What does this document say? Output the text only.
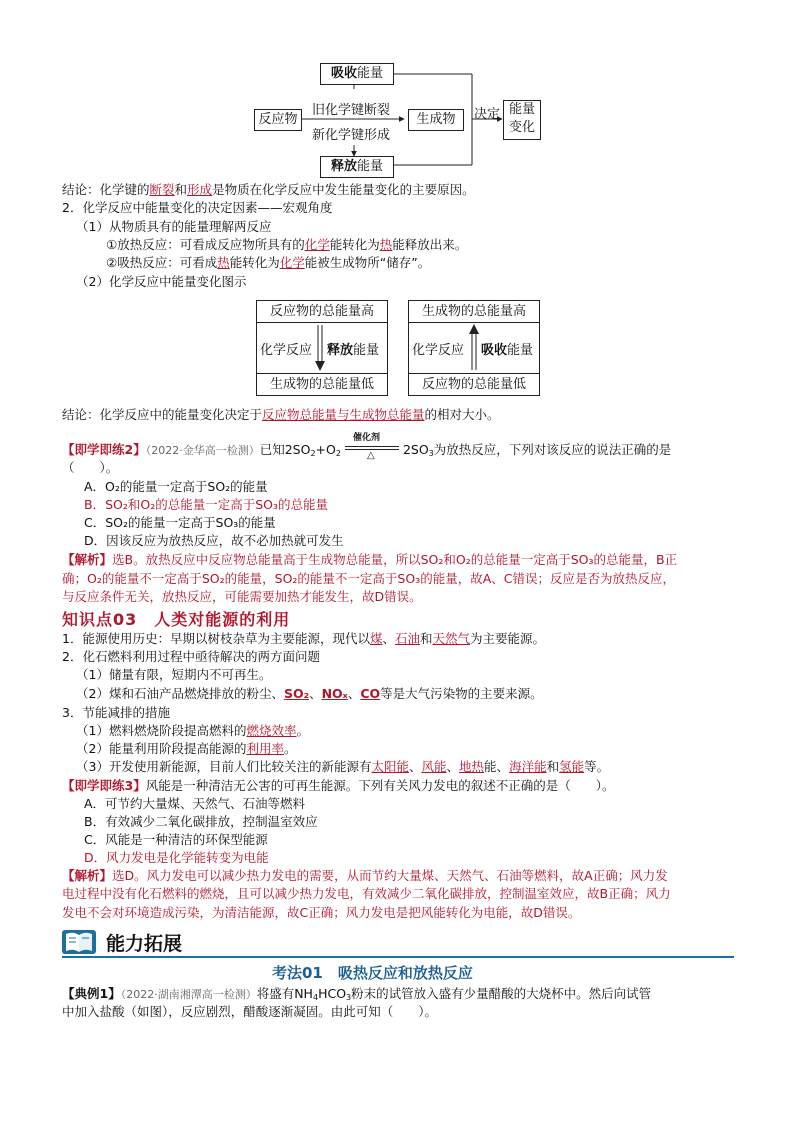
吸收能量
反应物
旧化学键断裂
新化学键形成
生成物	决定 能量变化
释放能量
结论：化学键的断裂和形成是物质在化学反应中发生能量变化的主要原因。
2．化学反应中能量变化的决定因素——宏观角度
（1）从物质具有的能量理解两反应
①放热反应：可看成反应物所具有的化学能转化为热能释放出来。
②吸热反应：可看成热能转化为化学能被生成物所“储存”。
（2）化学反应中能量变化图示
反应物的总能量高
生成物的总能量低
化学反应 释放能量
生成物的总能量高
反应物的总能量低
化学反应 吸收能量
结论：化学反应中的能量变化决定于反应物总能量与生成物总能量的相对大小。
【即学即练2】（2022·金华高一检测）已知$2SO_2+O_2$
催化剂
△ $2SO_3$为放热反应，下列对该反应的说法正确的是
（　　）。
A．O₂的能量一定高于SO₂的能量
B．SO₂和O₂的总能量一定高于SO₃的总能量
C．SO₂的能量一定高于SO₃的能量
D．因该反应为放热反应，故不必加热就可发生
【解析】选B。放热反应中反应物总能量高于生成物总能量，所以SO₂和O₂的总能量一定高于SO₃的总能量，B正
确；O₂的能量不一定高于SO₂的能量，SO₂的能量不一定高于SO₃的能量，故A、C错误；反应是否为放热反应，
与反应条件无关，放热反应，可能需要加热才能发生，故D错误。
知识点03　人类对能源的利用
1．能源使用历史：早期以树枝杂草为主要能源，现代以煤、石油和天然气为主要能源。
2．化石燃料利用过程中亟待解决的两方面问题
（1）储量有限，短期内不可再生。
（2）煤和石油产品燃烧排放的粉尘、SO₂、NOₓ、CO等是大气污染物的主要来源。
3．节能减排的措施
（1）燃料燃烧阶段提高燃料的燃烧效率。
（2）能量利用阶段提高能源的利用率。
（3）开发使用新能源，目前人们比较关注的新能源有太阳能、风能、地热能、海洋能和氢能等。
【即学即练3】风能是一种清洁无公害的可再生能源。下列有关风力发电的叙述不正确的是（　　）。
A．可节约大量煤、天然气、石油等燃料
B．有效减少二氧化碳排放，控制温室效应
C．风能是一种清洁的环保型能源
D．风力发电是化学能转变为电能
【解析】选D。风力发电可以减少热力发电的需要，从而节约大量煤、天然气、石油等燃料，故A正确；风力发
电过程中没有化石燃料的燃烧，且可以减少热力发电，有效减少二氧化碳排放，控制温室效应，故B正确；风力
发电不会对环境造成污染，为清洁能源，故C正确；风力发电是把风能转化为电能，故D错误。
能力拓展
考法01　吸热反应和放热反应
【典例1】（2022·湖南湘潭高一检测）将盛有$NH_4HCO_3$粉末的试管放入盛有少量醋酸的大烧杯中。然后向试管
中加入盐酸（如图），反应剧烈，醋酸逐渐凝固。由此可知（　　）。
